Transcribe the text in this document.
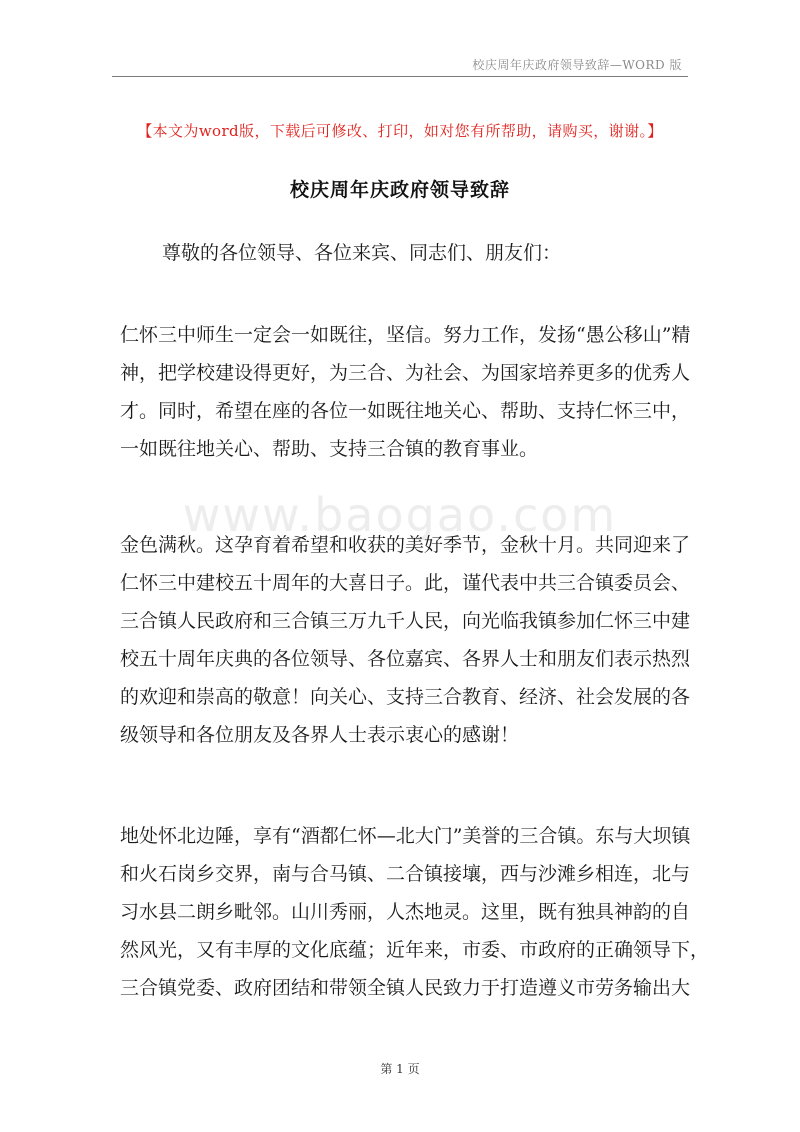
校庆周年庆政府领导致辞—WORD 版
【本文为word版，下载后可修改、打印，如对您有所帮助，请购买，谢谢。】
校庆周年庆政府领导致辞
尊敬的各位领导、各位来宾、同志们、朋友们：
www.baogao.com
仁怀三中师生一定会一如既往，坚信。努力工作，发扬“愚公移山”精
神，把学校建设得更好，为三合、为社会、为国家培养更多的优秀人
才。同时，希望在座的各位一如既往地关心、帮助、支持仁怀三中，
一如既往地关心、帮助、支持三合镇的教育事业。
金色满秋。这孕育着希望和收获的美好季节，金秋十月。共同迎来了
仁怀三中建校五十周年的大喜日子。此，谨代表中共三合镇委员会、
三合镇人民政府和三合镇三万九千人民，向光临我镇参加仁怀三中建
校五十周年庆典的各位领导、各位嘉宾、各界人士和朋友们表示热烈
的欢迎和崇高的敬意！向关心、支持三合教育、经济、社会发展的各
级领导和各位朋友及各界人士表示衷心的感谢！
地处怀北边陲，享有“酒都仁怀—北大门”美誉的三合镇。东与大坝镇
和火石岗乡交界，南与合马镇、二合镇接壤，西与沙滩乡相连，北与
习水县二朗乡毗邻。山川秀丽，人杰地灵。这里，既有独具神韵的自
然风光，又有丰厚的文化底蕴；近年来，市委、市政府的正确领导下，
三合镇党委、政府团结和带领全镇人民致力于打造遵义市劳务输出大
第 1 页
